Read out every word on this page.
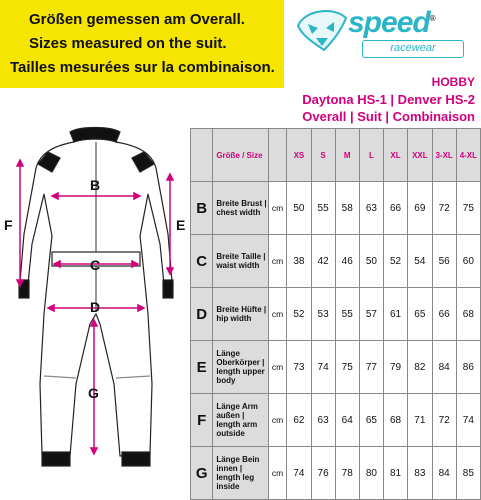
Größen gemessen am Overall.
Sizes measured on the suit.
Tailles mesurées sur la combinaison.
speed®
racewear
HOBBY
Daytona HS-1 | Denver HS-2
Overall | Suit | Combinaison
B
C
D
E
F
G
	Größe / Size		XS	S	M	L	XL	XXL	3-XL	4-XL
B	Breite Brust | chest width	cm	50	55	58	63	66	69	72	75
C	Breite Taille | waist width	cm	38	42	46	50	52	54	56	60
D	Breite Hüfte | hip width	cm	52	53	55	57	61	65	66	68
E	Länge Oberkörper | length upper body	cm	73	74	75	77	79	82	84	86
F	Länge Arm außen | length arm outside	cm	62	63	64	65	68	71	72	74
G	Länge Bein innen | length leg inside	cm	74	76	78	80	81	83	84	85
